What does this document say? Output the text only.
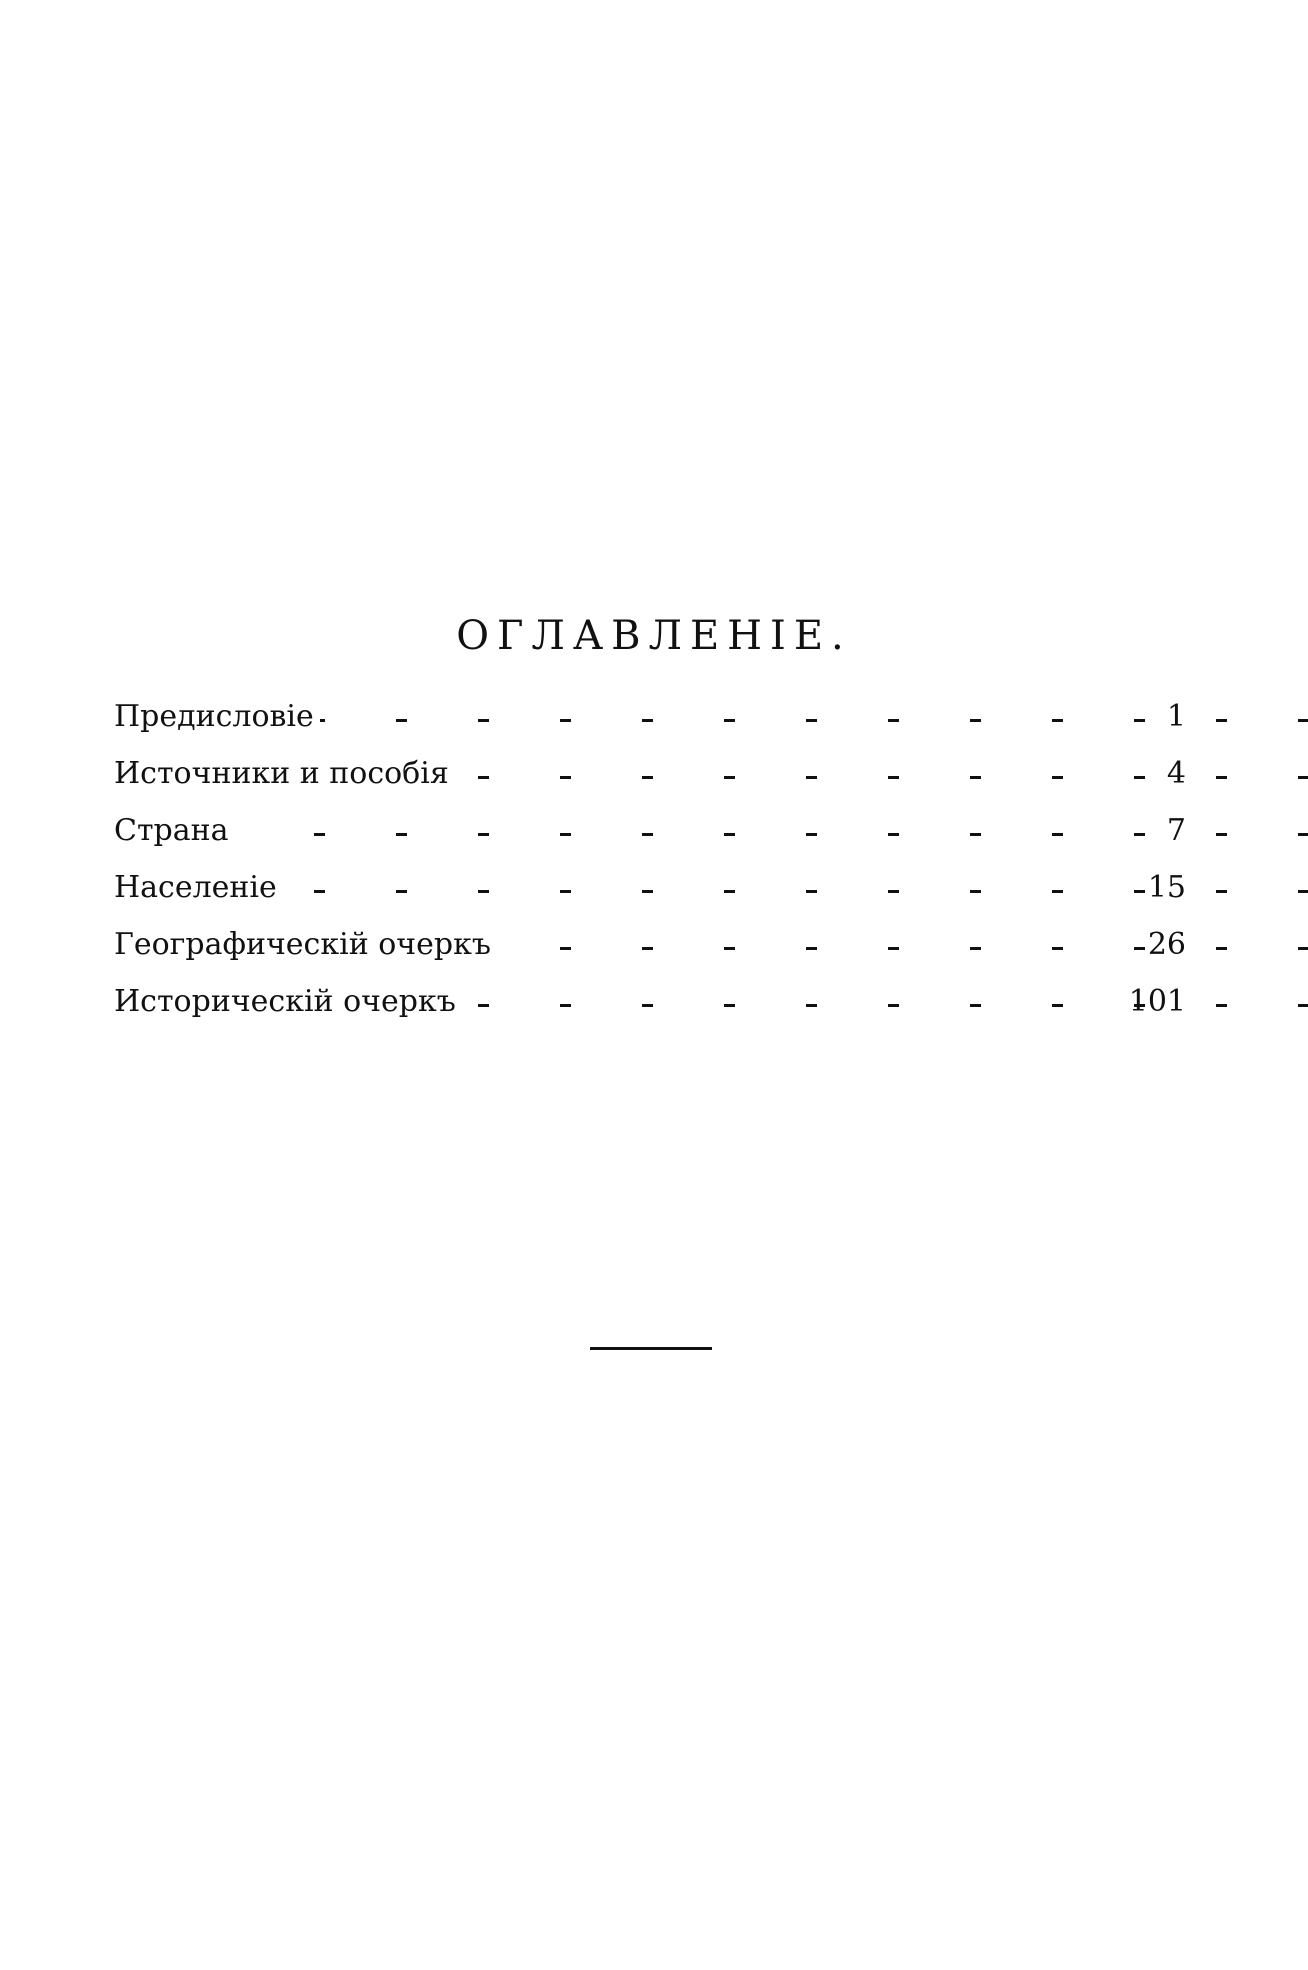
ОГЛАВЛЕНІЕ.
Предисловіе	1
Источники и пособія	4
Страна	7
Населеніе	15
Географическій очеркъ	26
Историческій очеркъ	101
